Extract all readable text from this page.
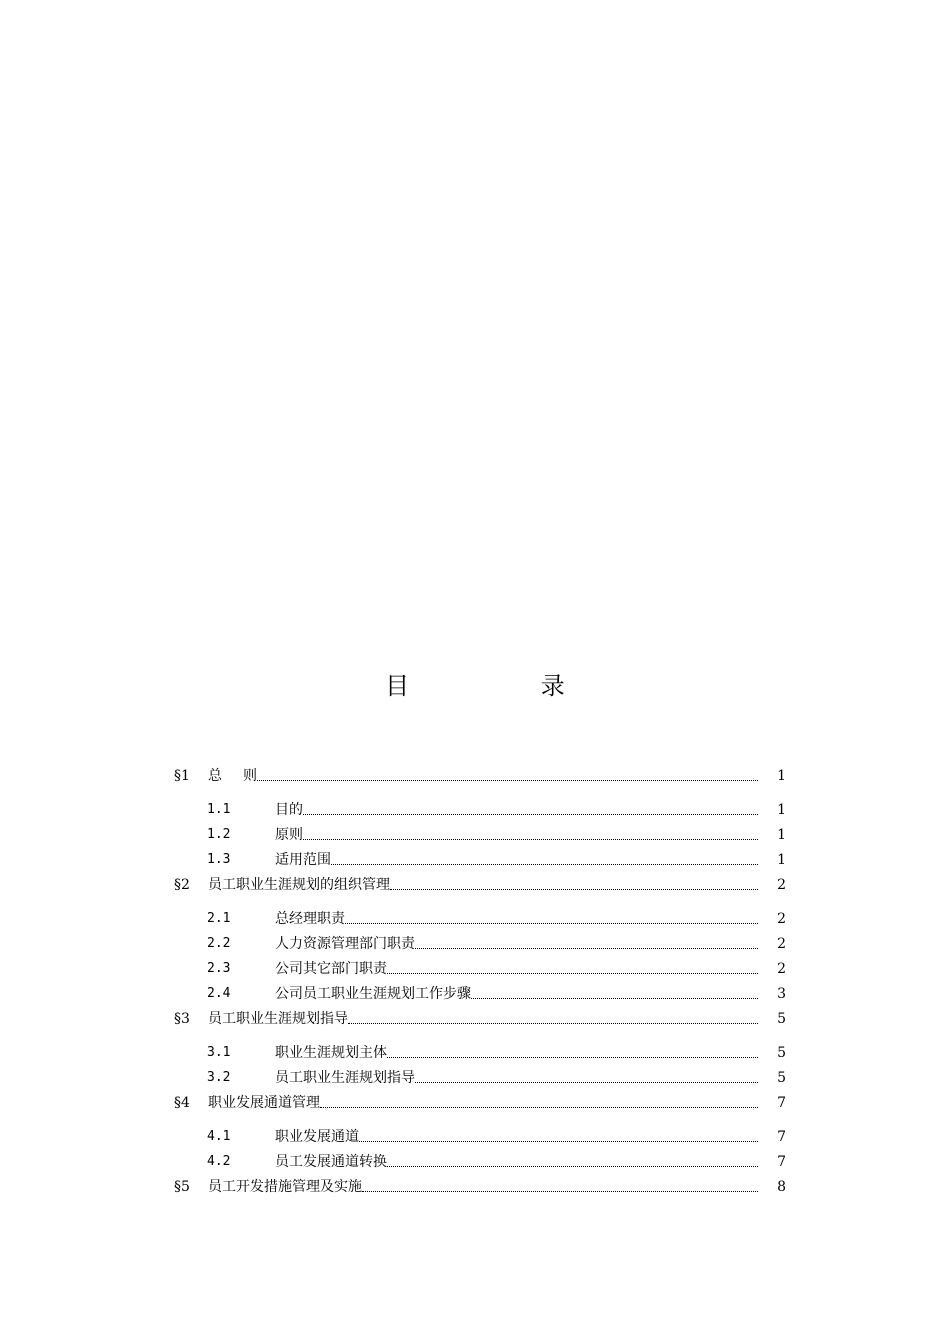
目 录
§1	总  则	1
1.1	目的	1
1.2	原则	1
1.3	适用范围	1
§2	员工职业生涯规划的组织管理	2
2.1	总经理职责	2
2.2	人力资源管理部门职责	2
2.3	公司其它部门职责	2
2.4	公司员工职业生涯规划工作步骤	3
§3	员工职业生涯规划指导	5
3.1	职业生涯规划主体	5
3.2	员工职业生涯规划指导	5
§4	职业发展通道管理	7
4.1	职业发展通道	7
4.2	员工发展通道转换	7
§5	员工开发措施管理及实施	8
